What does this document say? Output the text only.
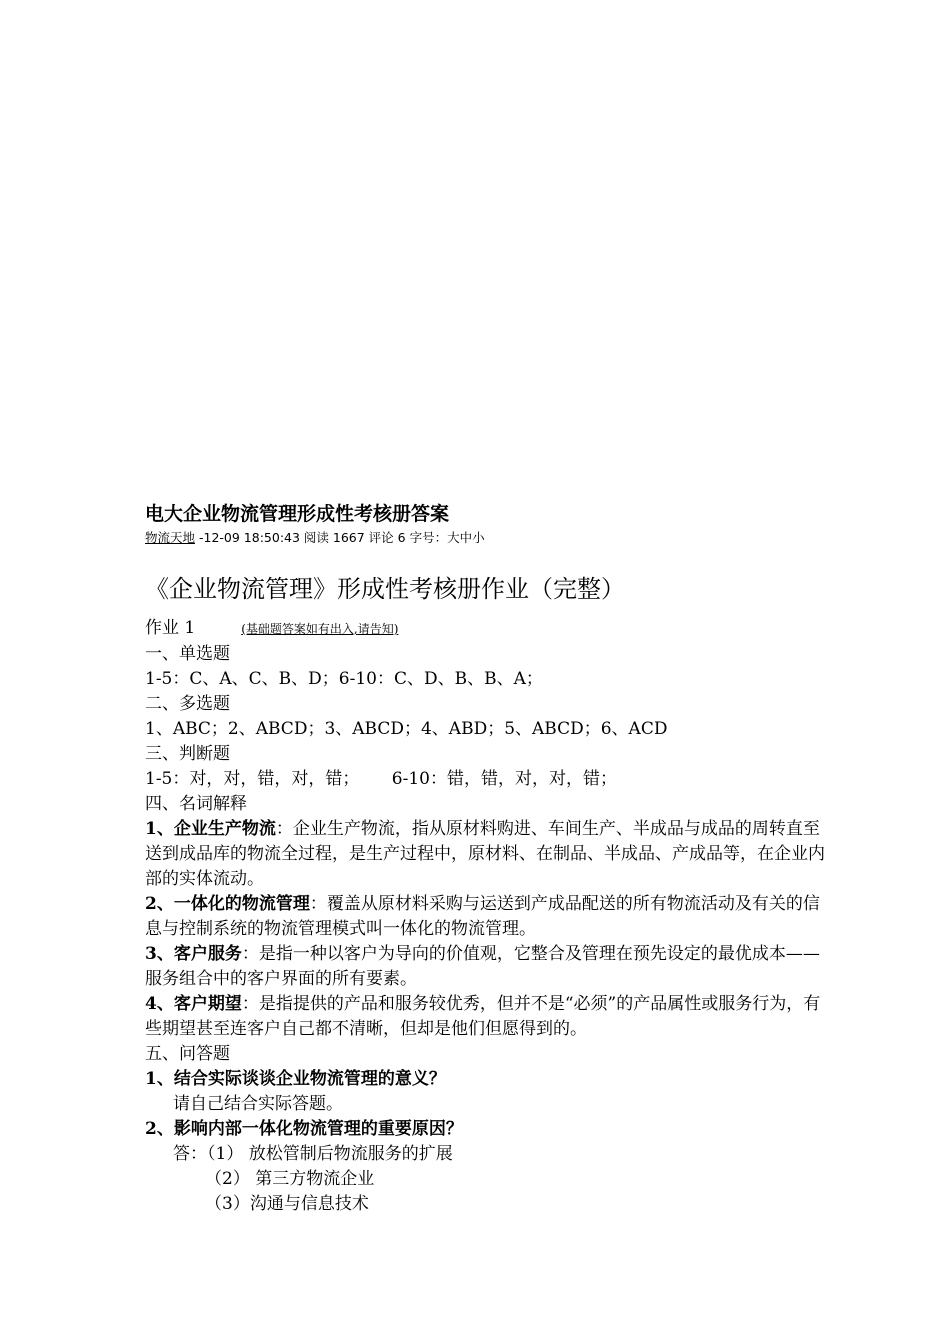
电大企业物流管理形成性考核册答案

物流天地 -12-09 18:50:43 阅读 1667 评论 6 字号：大中小

《企业物流管理》形成性考核册作业（完整）
作业 1	(基础题答案如有出入,请告知)

一、单选题

1-5：C、A、C、B、D；6-10：C、D、B、B、A；

二、多选题

1、ABC；2、ABCD；3、ABCD；4、ABD；5、ABCD；6、ACD

三、判断题

1-5：对，对，错，对，错；      6-10：错，错，对，对，错；

四、名词解释

1、企业生产物流：企业生产物流，指从原材料购进、车间生产、半成品与成品的周转直至送到成品库的物流全过程，是生产过程中，原材料、在制品、半成品、产成品等，在企业内部的实体流动。

2、一体化的物流管理：覆盖从原材料采购与运送到产成品配送的所有物流活动及有关的信息与控制系统的物流管理模式叫一体化的物流管理。

3、客户服务：是指一种以客户为导向的价值观，它整合及管理在预先设定的最优成本——服务组合中的客户界面的所有要素。

4、客户期望：是指提供的产品和服务较优秀，但并不是“必须”的产品属性或服务行为，有些期望甚至连客户自己都不清晰，但却是他们但愿得到的。

五、问答题

1、结合实际谈谈企业物流管理的意义？

请自己结合实际答题。

2、影响内部一体化物流管理的重要原因？

答：（1） 放松管制后物流服务的扩展

（2） 第三方物流企业

（3）沟通与信息技术
